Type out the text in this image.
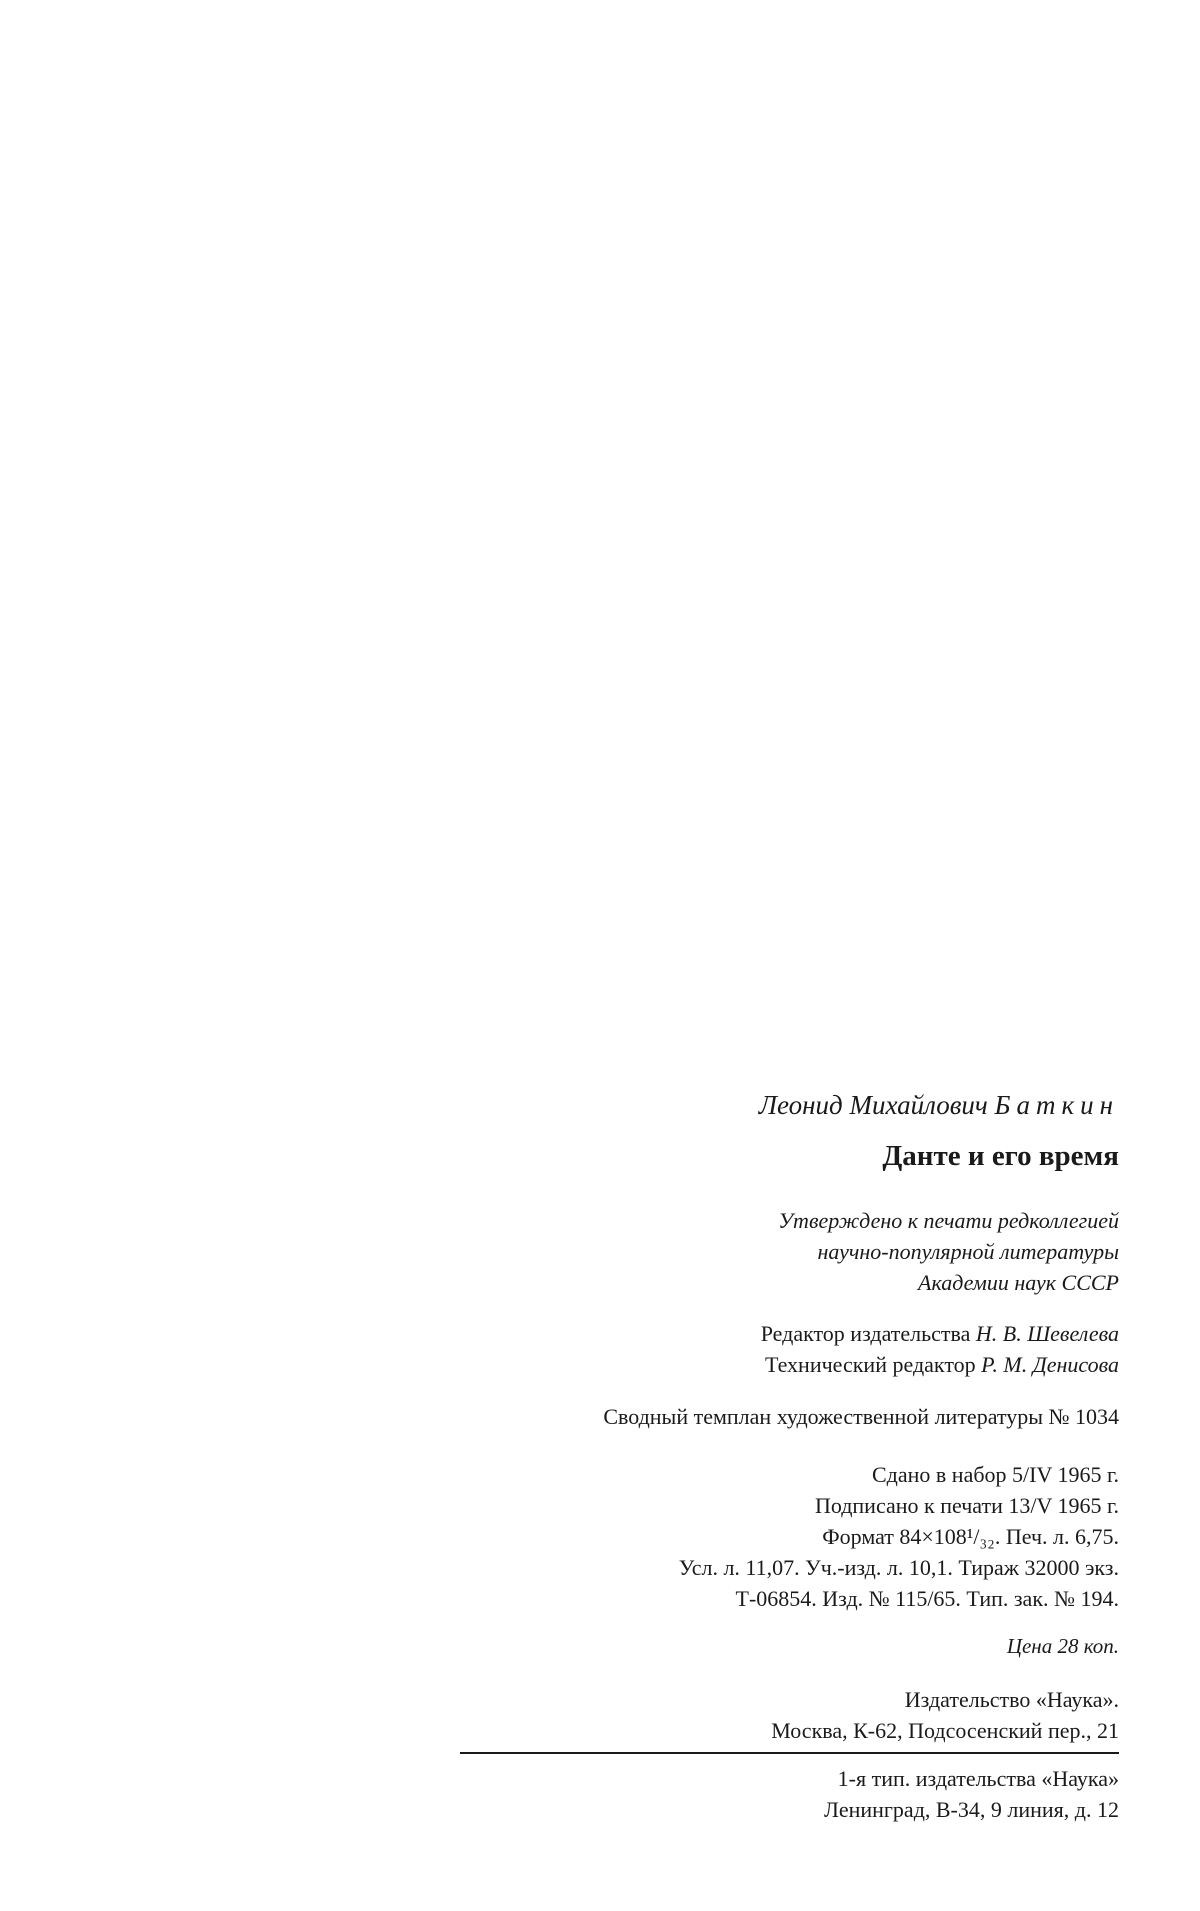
Леонид Михайлович Баткин
Данте и его время
Утверждено к печати редколлегией
научно-популярной литературы
Академии наук СССР
Редактор издательства Н. В. Шевелева
Технический редактор Р. М. Денисова
Сводный темплан художественной литературы № 1034
Сдано в набор 5/IV 1965 г.
Подписано к печати 13/V 1965 г.
Формат 84×108¹/₃₂. Печ. л. 6,75.
Усл. л. 11,07. Уч.-изд. л. 10,1. Тираж 32000 экз.
Т-06854. Изд. № 115/65. Тип. зак. № 194.
Цена 28 коп.
Издательство «Наука».
Москва, К-62, Подсосенский пер., 21
1-я тип. издательства «Наука»
Ленинград, В-34, 9 линия, д. 12
